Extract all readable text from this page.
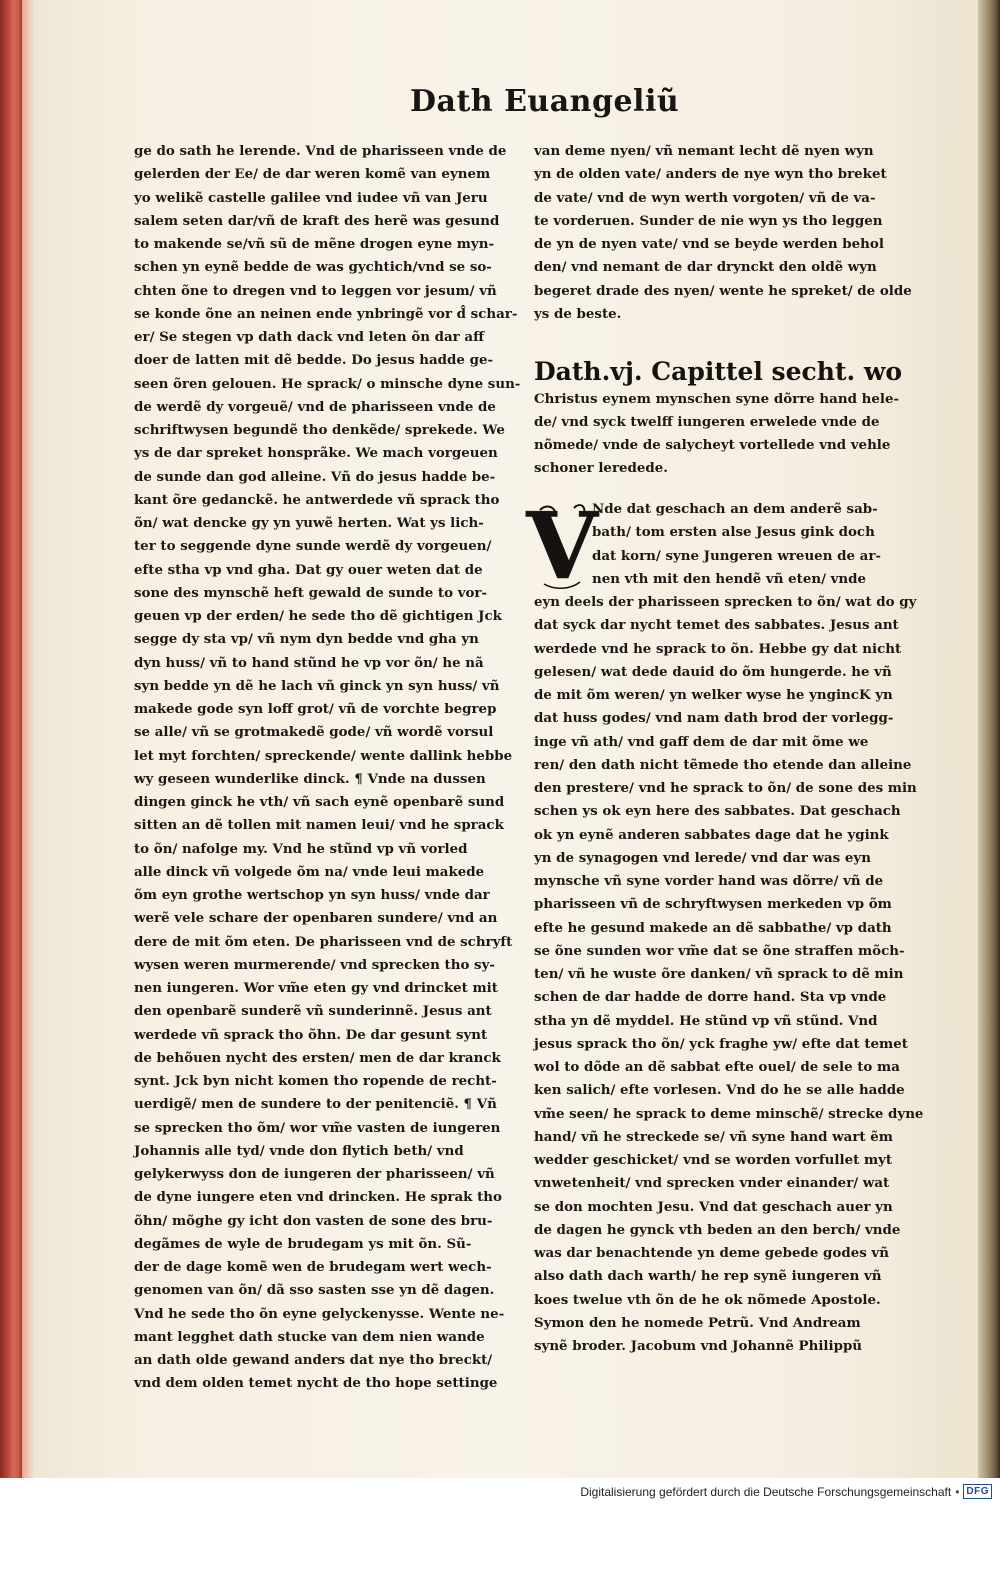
Dath Euangeliũ
ge do sath he lerende. Vnd de pharisseen vnde de
gelerden der Ee/ de dar weren komẽ van eynem
yo welikẽ castelle galilee vnd iudee vñ van Jeru
salem seten dar/vñ de kraft des herẽ was gesund
to makende se/vñ sũ de mẽne drogen eyne myn-
schen yn eynẽ bedde de was gychtich/vnd se so-
chten õne to dregen vnd to leggen vor jesum/ vñ
se konde õne an neinen ende ynbringẽ vor d̂ schar-
er/ Se stegen vp dath dack vnd leten õn dar aff
doer de latten mit dẽ bedde. Do jesus hadde ge-
seen õren gelouen. He sprack/ o minsche dyne sun-
de werdẽ dy vorgeuẽ/ vnd de pharisseen vnde de
schriftwysen begundẽ tho denkẽde/ sprekede. We
ys de dar spreket honsprãke. We mach vorgeuen
de sunde dan god alleine. Vñ do jesus hadde be-
kant õre gedanckẽ. he antwerdede vñ sprack tho
õn/ wat dencke gy yn yuwẽ herten. Wat ys lich-
ter to seggende dyne sunde werdẽ dy vorgeuen/
efte stha vp vnd gha. Dat gy ouer weten dat de
sone des mynschẽ heft gewald de sunde to vor-
geuen vp der erden/ he sede tho dẽ gichtigen Jck
segge dy sta vp/ vñ nym dyn bedde vnd gha yn
dyn huss/ vñ to hand stũnd he vp vor õn/ he nã
syn bedde yn dẽ he lach vñ ginck yn syn huss/ vñ
makede gode syn loff grot/ vñ de vorchte begrep
se alle/ vñ se grotmakedẽ gode/ vñ wordẽ vorsul
let myt forchten/ spreckende/ wente dallink hebbe
wy geseen wunderlike dinck. ¶ Vnde na dussen
dingen ginck he vth/ vñ sach eynẽ openbarẽ sund
sitten an dẽ tollen mit namen leui/ vnd he sprack
to õn/ nafolge my. Vnd he stũnd vp vñ vorled
alle dinck vñ volgede õm na/ vnde leui makede
õm eyn grothe wertschop yn syn huss/ vnde dar
werẽ vele schare der openbaren sundere/ vnd an
dere de mit õm eten. De pharisseen vnd de schryft
wysen weren murmerende/ vnd sprecken tho sy-
nen iungeren. Wor vm̃e eten gy vnd drincket mit
den openbarẽ sunderẽ vñ sunderinnẽ. Jesus ant
werdede vñ sprack tho õhn. De dar gesunt synt
de behõuen nycht des ersten/ men de dar kranck
synt. Jck byn nicht komen tho ropende de recht-
uerdigẽ/ men de sundere to der penitenciẽ. ¶ Vñ
se sprecken tho õm/ wor vm̃e vasten de iungeren
Johannis alle tyd/ vnde don flytich beth/ vnd
gelykerwyss don de iungeren der pharisseen/ vñ
de dyne iungere eten vnd drincken. He sprak tho
õhn/ mõghe gy icht don vasten de sone des bru-
degãmes de wyle de brudegam ys mit õn. Sũ-
der de dage komẽ wen de brudegam wert wech-
genomen van õn/ dã sso sasten sse yn dẽ dagen.
Vnd he sede tho õn eyne gelyckenysse. Wente ne-
mant legghet dath stucke van dem nien wande
an dath olde gewand anders dat nye tho breckt/
vnd dem olden temet nycht de tho hope settinge
van deme nyen/ vñ nemant lecht dẽ nyen wyn
yn de olden vate/ anders de nye wyn tho breket
de vate/ vnd de wyn werth vorgoten/ vñ de va-
te vorderuen. Sunder de nie wyn ys tho leggen
de yn de nyen vate/ vnd se beyde werden behol
den/ vnd nemant de dar drynckt den oldẽ wyn
begeret drade des nyen/ wente he spreket/ de olde
ys de beste.
Dath.vj. Capittel secht. wo
Christus eynem mynschen syne dõrre hand hele-
de/ vnd syck twelff iungeren erwelede vnde de
nõmede/ vnde de salycheyt vortellede vnd vehle
schoner leredede.
V
Nde dat geschach an dem anderẽ sab-
bath/ tom ersten alse Jesus gink doch
dat korn/ syne Jungeren wreuen de ar-
nen vth mit den hendẽ vñ eten/ vnde
eyn deels der pharisseen sprecken to õn/ wat do gy
dat syck dar nycht temet des sabbates. Jesus ant
werdede vnd he sprack to õn. Hebbe gy dat nicht
gelesen/ wat dede dauid do õm hungerde. he vñ
de mit õm weren/ yn welker wyse he yngincK yn
dat huss godes/ vnd nam dath brod der vorlegg-
inge vñ ath/ vnd gaff dem de dar mit õme we
ren/ den dath nicht tẽmede tho etende dan alleine
den prestere/ vnd he sprack to õn/ de sone des min
schen ys ok eyn here des sabbates. Dat geschach
ok yn eynẽ anderen sabbates dage dat he ygink
yn de synagogen vnd lerede/ vnd dar was eyn
mynsche vñ syne vorder hand was dõrre/ vñ de
pharisseen vñ de schryftwysen merkeden vp õm
efte he gesund makede an dẽ sabbathe/ vp dath
se õne sunden wor vm̃e dat se õne straffen mõch-
ten/ vñ he wuste õre danken/ vñ sprack to dẽ min
schen de dar hadde de dorre hand. Sta vp vnde
stha yn dẽ myddel. He stũnd vp vñ stũnd. Vnd
jesus sprack tho õn/ yck fraghe yw/ efte dat temet
wol to dõde an dẽ sabbat efte ouel/ de sele to ma
ken salich/ efte vorlesen. Vnd do he se alle hadde
vm̃e seen/ he sprack to deme minschẽ/ strecke dyne
hand/ vñ he streckede se/ vñ syne hand wart ẽm
wedder geschicket/ vnd se worden vorfullet myt
vnwetenheit/ vnd sprecken vnder einander/ wat
se don mochten Jesu. Vnd dat geschach auer yn
de dagen he gynck vth beden an den berch/ vnde
was dar benachtende yn deme gebede godes vñ
also dath dach warth/ he rep synẽ iungeren vñ
koes twelue vth õn de he ok nõmede Apostole.
Symon den he nomede Petrũ. Vnd Andream
synẽ broder. Jacobum vnd Johannẽ Philippũ
Digitalisierung gefördert durch die Deutsche Forschungsgemeinschaft • DFG
